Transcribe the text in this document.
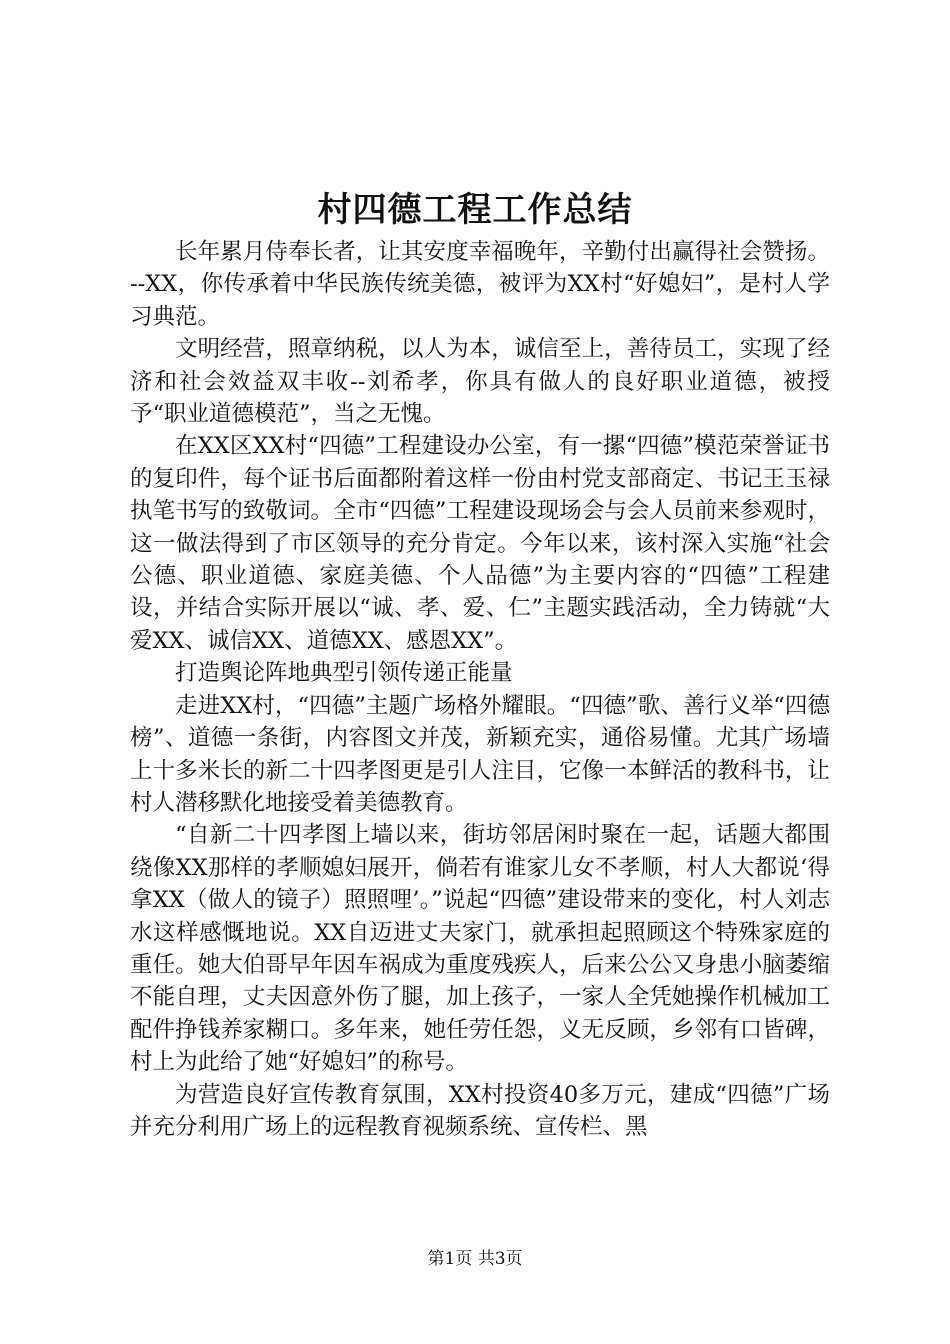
村四德工程工作总结

长年累月侍奉长者，让其安度幸福晚年，辛勤付出赢得社会赞扬。--XX，你传承着中华民族传统美德，被评为XX村“好媳妇”，是村人学习典范。

文明经营，照章纳税，以人为本，诚信至上，善待员工，实现了经济和社会效益双丰收--刘希孝，你具有做人的良好职业道德，被授予“职业道德模范”，当之无愧。

在XX区XX村“四德”工程建设办公室，有一摞“四德”模范荣誉证书的复印件，每个证书后面都附着这样一份由村党支部商定、书记王玉禄执笔书写的致敬词。全市“四德”工程建设现场会与会人员前来参观时，这一做法得到了市区领导的充分肯定。今年以来，该村深入实施“社会公德、职业道德、家庭美德、个人品德”为主要内容的“四德”工程建设，并结合实际开展以“诚、孝、爱、仁”主题实践活动，全力铸就“大爱XX、诚信XX、道德XX、感恩XX”。

打造舆论阵地典型引领传递正能量

走进XX村，“四德”主题广场格外耀眼。“四德”歌、善行义举“四德榜”、道德一条街，内容图文并茂，新颖充实，通俗易懂。尤其广场墙上十多米长的新二十四孝图更是引人注目，它像一本鲜活的教科书，让村人潜移默化地接受着美德教育。

“自新二十四孝图上墙以来，街坊邻居闲时聚在一起，话题大都围绕像XX那样的孝顺媳妇展开，倘若有谁家儿女不孝顺，村人大都说‘得拿XX（做人的镜子）照照哩’。”说起“四德”建设带来的变化，村人刘志水这样感慨地说。XX自迈进丈夫家门，就承担起照顾这个特殊家庭的重任。她大伯哥早年因车祸成为重度残疾人，后来公公又身患小脑萎缩不能自理，丈夫因意外伤了腿，加上孩子，一家人全凭她操作机械加工配件挣钱养家糊口。多年来，她任劳任怨，义无反顾，乡邻有口皆碑，村上为此给了她“好媳妇”的称号。

为营造良好宣传教育氛围，XX村投资40多万元，建成“四德”广场并充分利用广场上的远程教育视频系统、宣传栏、黑

第1页 共3页
